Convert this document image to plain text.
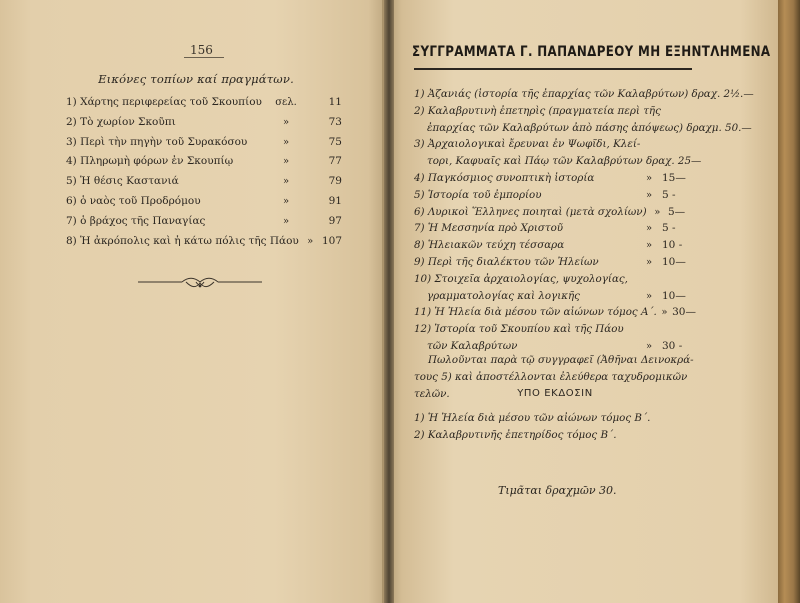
156
Εικόνες τοπίων καί πραγμάτων.
1) Χάρτης περιφερείας τοῦ Σκουπίου	σελ.	11
2) Τὸ χωρίον Σκοῦπι	»	73
3) Περὶ τὴν πηγὴν τοῦ Συρακόσου	»	75
4) Πληρωμὴ φόρων ἐν Σκουπίῳ	»	77
5) Ἡ θέσις Καστανιά	»	79
6) ὁ ναὸς τοῦ Προδρόμου	»	91
7) ὁ βράχος τῆς Παναγίας	»	97
8) Ἡ ἀκρόπολις καὶ ἡ κάτω πόλις τῆς Πάου » 107
ΣΥΓΓΡΑΜΜΑΤΑ Γ. ΠΑΠΑΝΔΡΕΟΥ ΜΗ ΕΞΗΝΤΛΗΜΕΝΑ
1) Ἀζανιάς (ἱστορία τῆς ἐπαρχίας τῶν Καλαβρύτων) δραχ. 2½.—
2) Καλαβρυτινὴ ἐπετηρὶς (πραγματεία περὶ τῆς
ἐπαρχίας τῶν Καλαβρύτων ἀπὸ πάσης ἀπόψεως) δραχμ. 50.—
3) Ἀρχαιολογικαὶ ἔρευναι ἐν Ψωφῖδι, Κλεί-
τορι, Καφυαῖς καὶ Πάῳ τῶν Καλαβρύτων δραχ. 25—
4) Παγκόσμιος συνοπτικὴ ἱστορία	» 15—
5) Ἱστορία τοῦ ἐμπορίου	» 5 -
6) Λυρικοὶ Ἕλληνες ποιηταὶ (μετὰ σχολίων) » 5—
7) Ἡ Μεσσηνία πρὸ Χριστοῦ	» 5 -
8) Ἡλειακῶν τεύχη τέσσαρα	» 10 -
9) Περὶ τῆς διαλέκτου τῶν Ἠλείων	» 10—
10) Στοιχεῖα ἀρχαιολογίας, ψυχολογίας,
γραμματολογίας καὶ λογικῆς	» 10—
11) Ἡ Ἠλεία διὰ μέσου τῶν αἰώνων τόμος Α΄. » 30—
12) Ἱστορία τοῦ Σκουπίου καὶ τῆς Πάου
τῶν Καλαβρύτων	» 30 -
Πωλοῦνται παρὰ τῷ συγγραφεῖ (Ἀθῆναι Δεινοκρά-
τους 5) καὶ ἀποστέλλονται ἐλεύθερα ταχυδρομικῶν τελῶν.	ΥΠΟ ΕΚΔΟΣΙΝ
1) Ἡ Ἠλεία διὰ μέσου τῶν αἰώνων τόμος Β΄.
2) Καλαβρυτινῆς ἐπετηρίδος τόμος Β΄.
Τιμᾶται δραχμῶν 30.
